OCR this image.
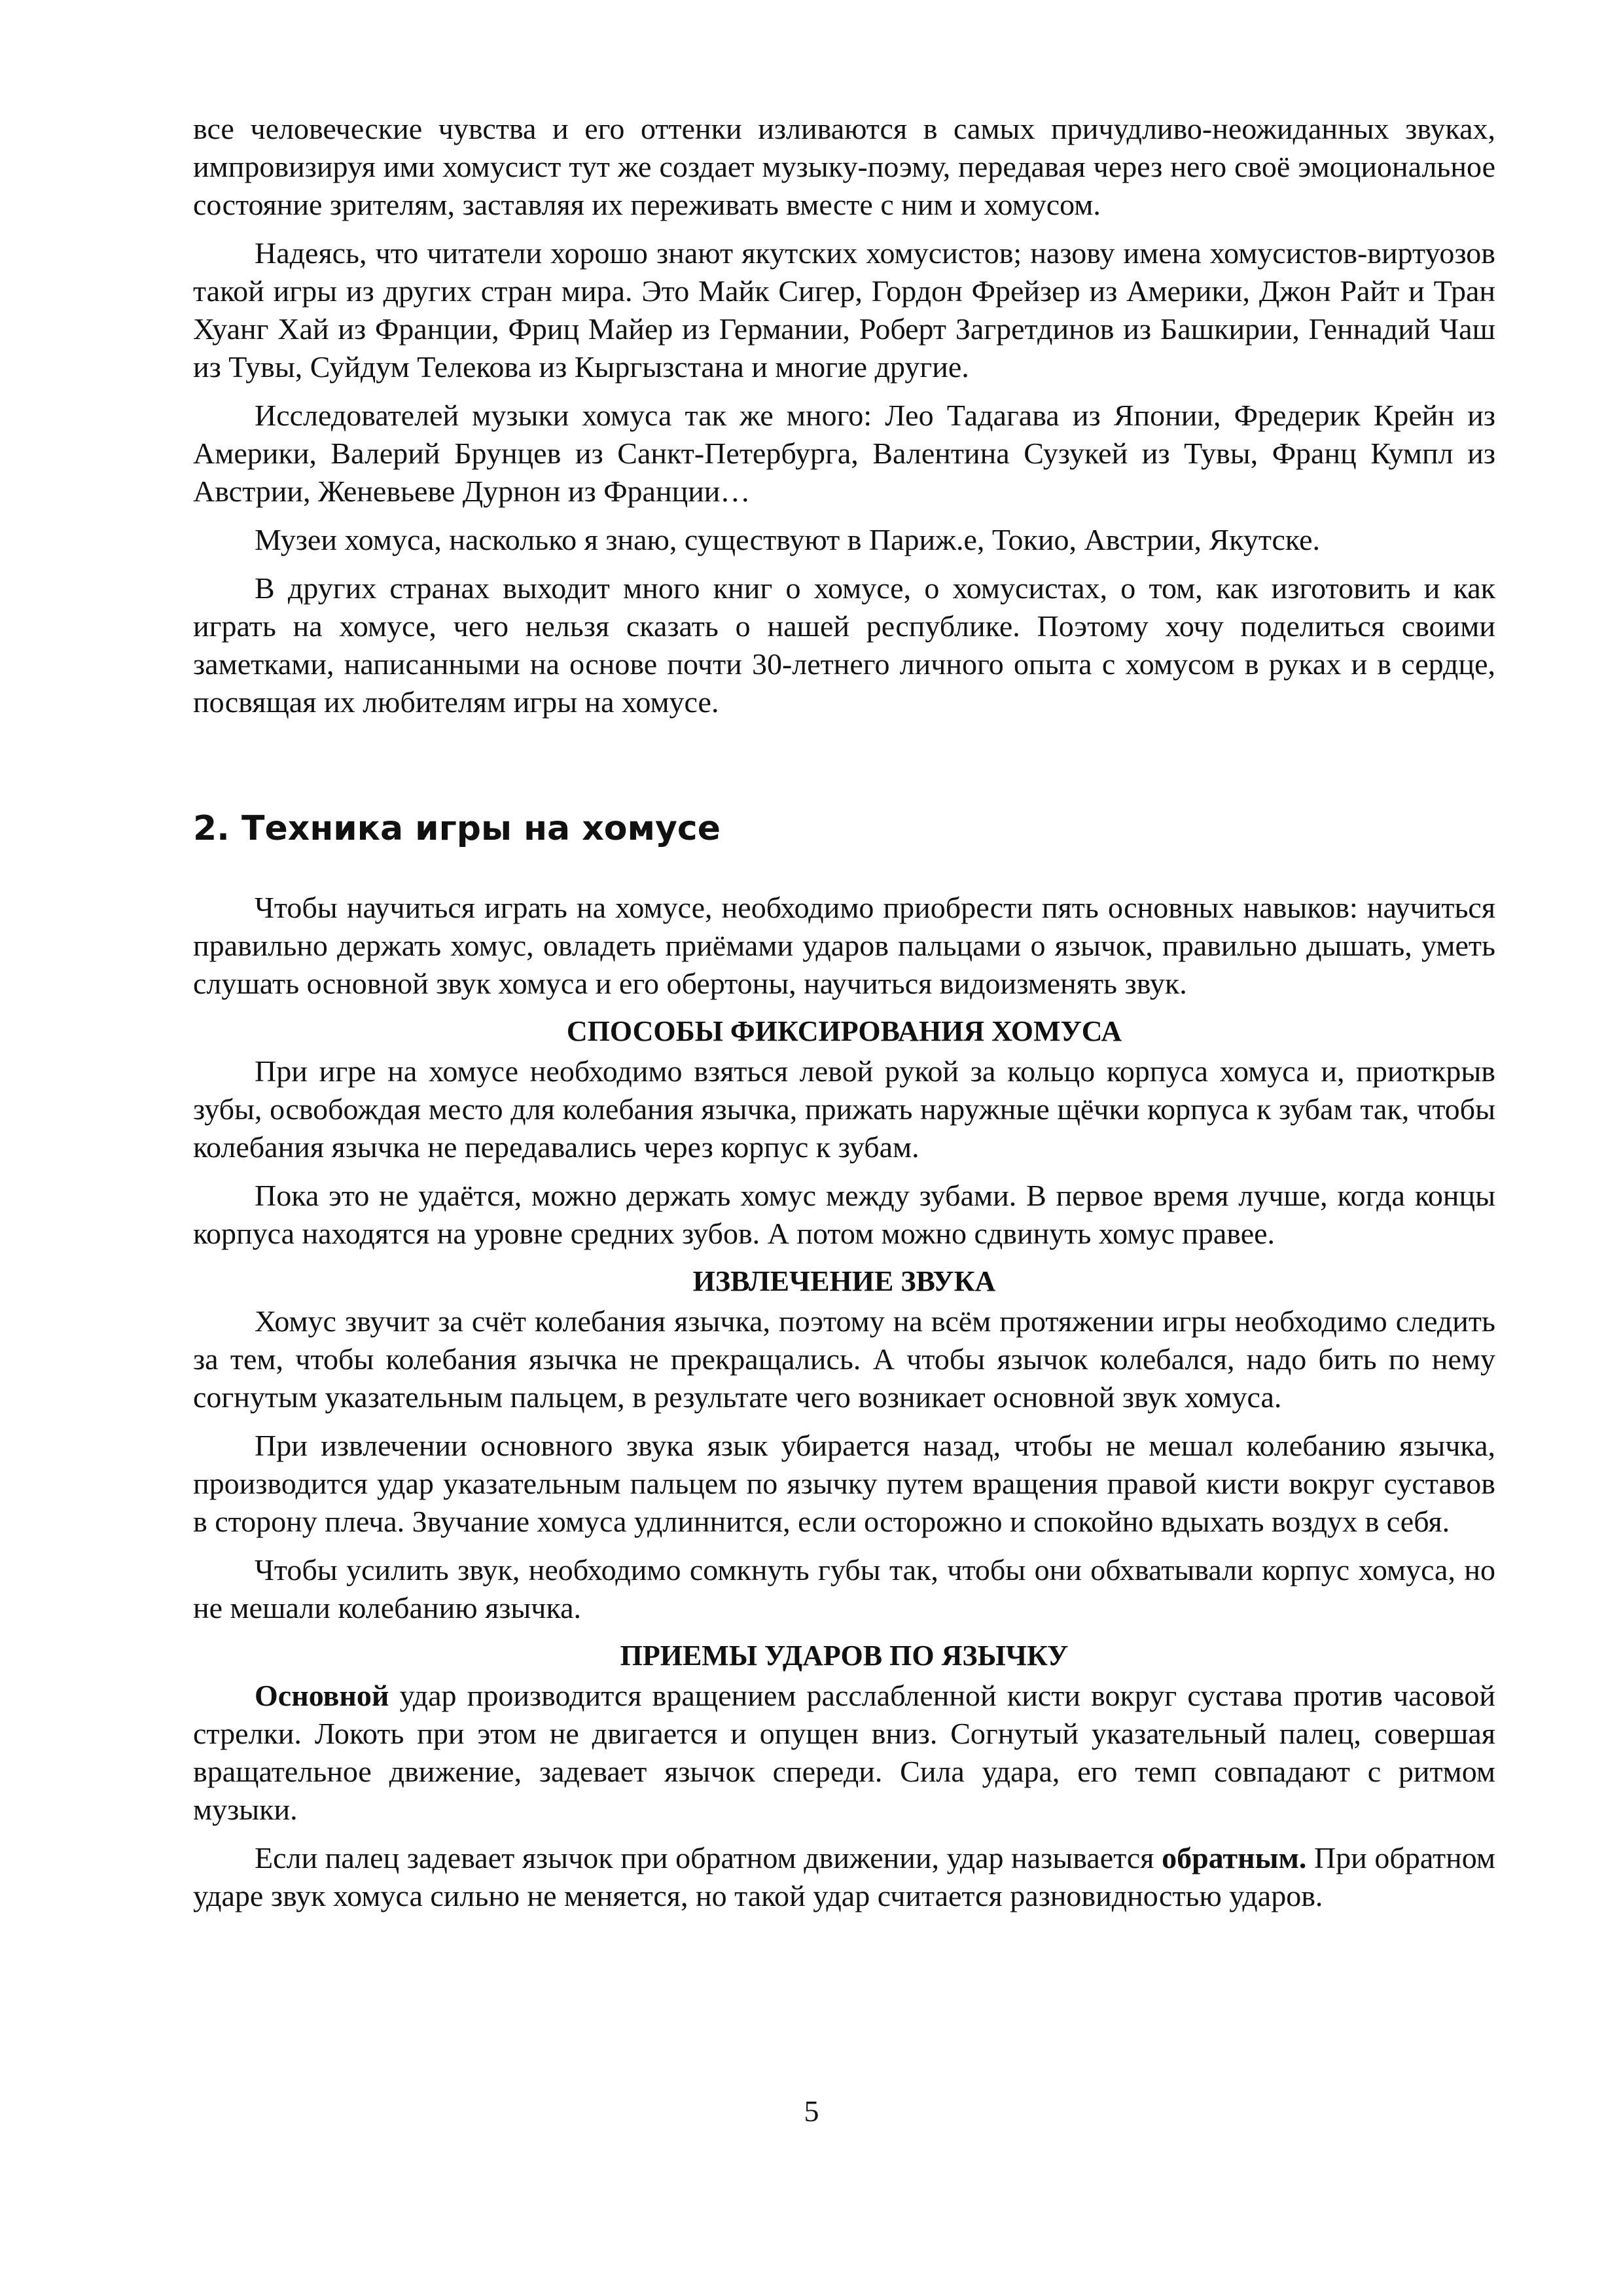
все человеческие чувства и его оттенки изливаются в самых причудливо-неожиданных звуках, импровизируя ими хомусист тут же создает музыку-поэму, передавая через него своё эмоциональное состояние зрителям, заставляя их переживать вместе с ним и хомусом.

Надеясь, что читатели хорошо знают якутских хомусистов; назову имена хомусистов-виртуозов такой игры из других стран мира. Это Майк Сигер, Гордон Фрейзер из Америки, Джон Райт и Тран Хуанг Хай из Франции, Фриц Майер из Германии, Роберт Загретдинов из Башкирии, Геннадий Чаш из Тувы, Суйдум Телекова из Кыргызстана и многие другие.

Исследователей музыки хомуса так же много: Лео Тадагава из Японии, Фредерик Крейн из Америки, Валерий Брунцев из Санкт-Петербурга, Валентина Сузукей из Тувы, Франц Кумпл из Австрии, Женевьеве Дурнон из Франции…

Музеи хомуса, насколько я знаю, существуют в Париж.е, Токио, Австрии, Якутске.

В других странах выходит много книг о хомусе, о хомусистах, о том, как изготовить и как играть на хомусе, чего нельзя сказать о нашей республике. Поэтому хочу поделиться своими заметками, написанными на основе почти 30-летнего личного опыта с хомусом в руках и в сердце, посвящая их любителям игры на хомусе.

2. Техника игры на хомусе

Чтобы научиться играть на хомусе, необходимо приобрести пять основных навыков: научиться правильно держать хомус, овладеть приёмами ударов пальцами о язычок, правильно дышать, уметь слушать основной звук хомуса и его обертоны, научиться видоизменять звук.

СПОСОБЫ ФИКСИРОВАНИЯ ХОМУСА

При игре на хомусе необходимо взяться левой рукой за кольцо корпуса хомуса и, приоткрыв зубы, освобождая место для колебания язычка, прижать наружные щёчки корпуса к зубам так, чтобы колебания язычка не передавались через корпус к зубам.

Пока это не удаётся, можно держать хомус между зубами. В первое время лучше, когда концы корпуса находятся на уровне средних зубов. А потом можно сдвинуть хомус правее.

ИЗВЛЕЧЕНИЕ ЗВУКА

Хомус звучит за счёт колебания язычка, поэтому на всём протяжении игры необходимо следить за тем, чтобы колебания язычка не прекращались. А чтобы язычок колебался, надо бить по нему согнутым указательным пальцем, в результате чего возникает основной звук хомуса.

При извлечении основного звука язык убирается назад, чтобы не мешал колебанию язычка, производится удар указательным пальцем по язычку путем вращения правой кисти вокруг суставов в сторону плеча. Звучание хомуса удлиннится, если осторожно и спокойно вдыхать воздух в себя.

Чтобы усилить звук, необходимо сомкнуть губы так, чтобы они обхватывали корпус хомуса, но не мешали колебанию язычка.

ПРИЕМЫ УДАРОВ ПО ЯЗЫЧКУ

Основной удар производится вращением расслабленной кисти вокруг сустава против часовой стрелки. Локоть при этом не двигается и опущен вниз. Согнутый указательный палец, совершая вращательное движение, задевает язычок спереди. Сила удара, его темп совпадают с ритмом музыки.

Если палец задевает язычок при обратном движении, удар называется обратным. При обратном ударе звук хомуса сильно не меняется, но такой удар считается разновидностью ударов.

5
